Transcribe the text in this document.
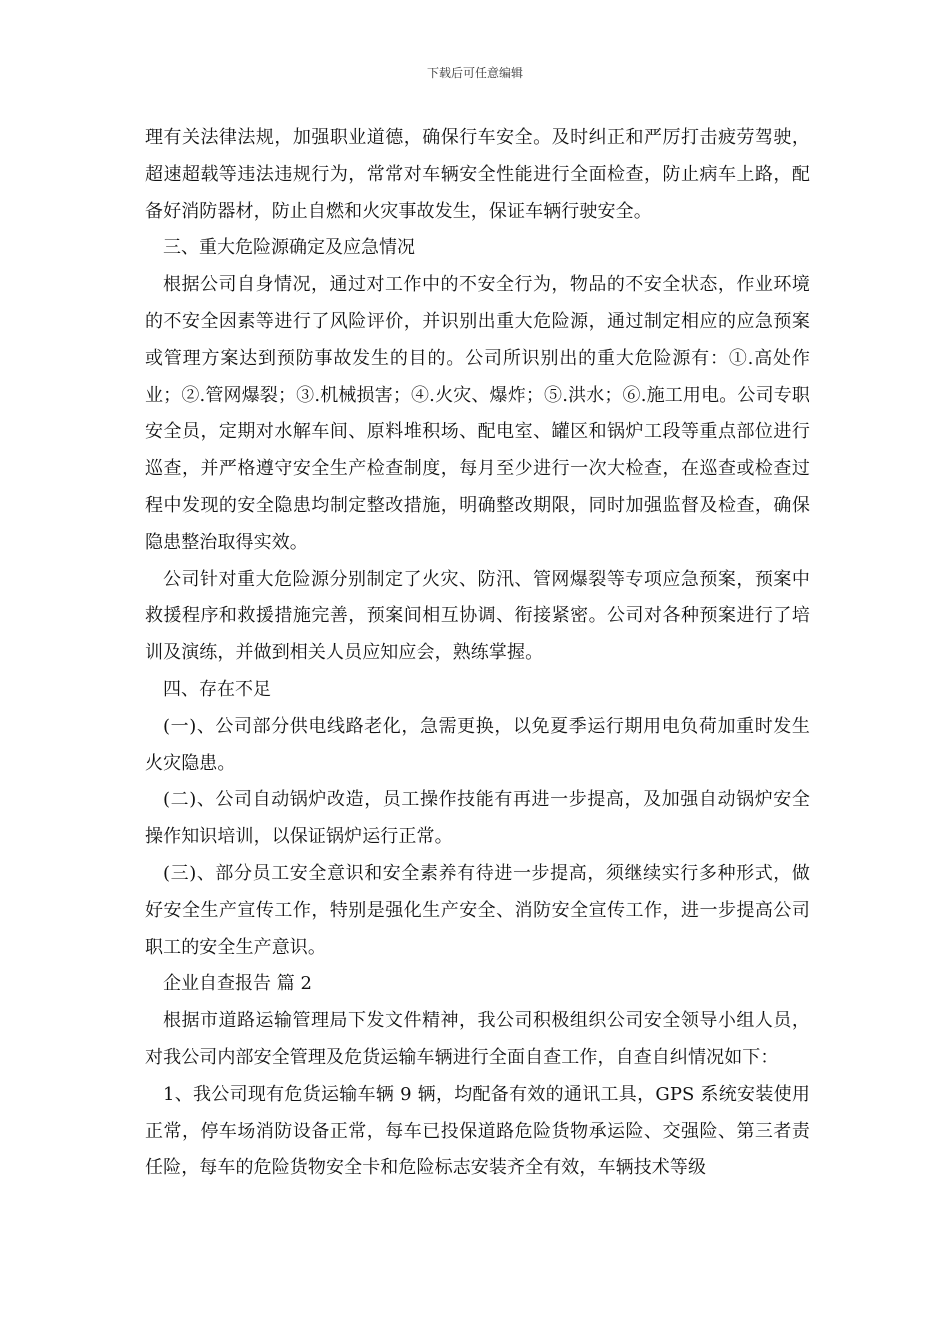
下载后可任意编辑

理有关法律法规，加强职业道德，确保行车安全。及时纠正和严厉打击疲劳驾驶，超速超载等违法违规行为，常常对车辆安全性能进行全面检查，防止病车上路，配备好消防器材，防止自燃和火灾事故发生，保证车辆行驶安全。

三、重大危险源确定及应急情况

根据公司自身情况，通过对工作中的不安全行为，物品的不安全状态，作业环境的不安全因素等进行了风险评价，并识别出重大危险源，通过制定相应的应急预案或管理方案达到预防事故发生的目的。公司所识别出的重大危险源有：①.高处作业；②.管网爆裂；③.机械损害；④.火灾、爆炸；⑤.洪水；⑥.施工用电。公司专职安全员，定期对水解车间、原料堆积场、配电室、罐区和锅炉工段等重点部位进行巡查，并严格遵守安全生产检查制度，每月至少进行一次大检查，在巡查或检查过程中发现的安全隐患均制定整改措施，明确整改期限，同时加强监督及检查，确保隐患整治取得实效。

公司针对重大危险源分别制定了火灾、防汛、管网爆裂等专项应急预案，预案中救援程序和救援措施完善，预案间相互协调、衔接紧密。公司对各种预案进行了培训及演练，并做到相关人员应知应会，熟练掌握。

四、存在不足

(一)、公司部分供电线路老化，急需更换，以免夏季运行期用电负荷加重时发生火灾隐患。

(二)、公司自动锅炉改造，员工操作技能有再进一步提高，及加强自动锅炉安全操作知识培训，以保证锅炉运行正常。

(三)、部分员工安全意识和安全素养有待进一步提高，须继续实行多种形式，做好安全生产宣传工作，特别是强化生产安全、消防安全宣传工作，进一步提高公司职工的安全生产意识。

企业自查报告 篇 2

根据市道路运输管理局下发文件精神，我公司积极组织公司安全领导小组人员，对我公司内部安全管理及危货运输车辆进行全面自查工作，自查自纠情况如下：

1、我公司现有危货运输车辆 9 辆，均配备有效的通讯工具，GPS 系统安装使用正常，停车场消防设备正常，每车已投保道路危险货物承运险、交强险、第三者责任险，每车的危险货物安全卡和危险标志安装齐全有效，车辆技术等级
